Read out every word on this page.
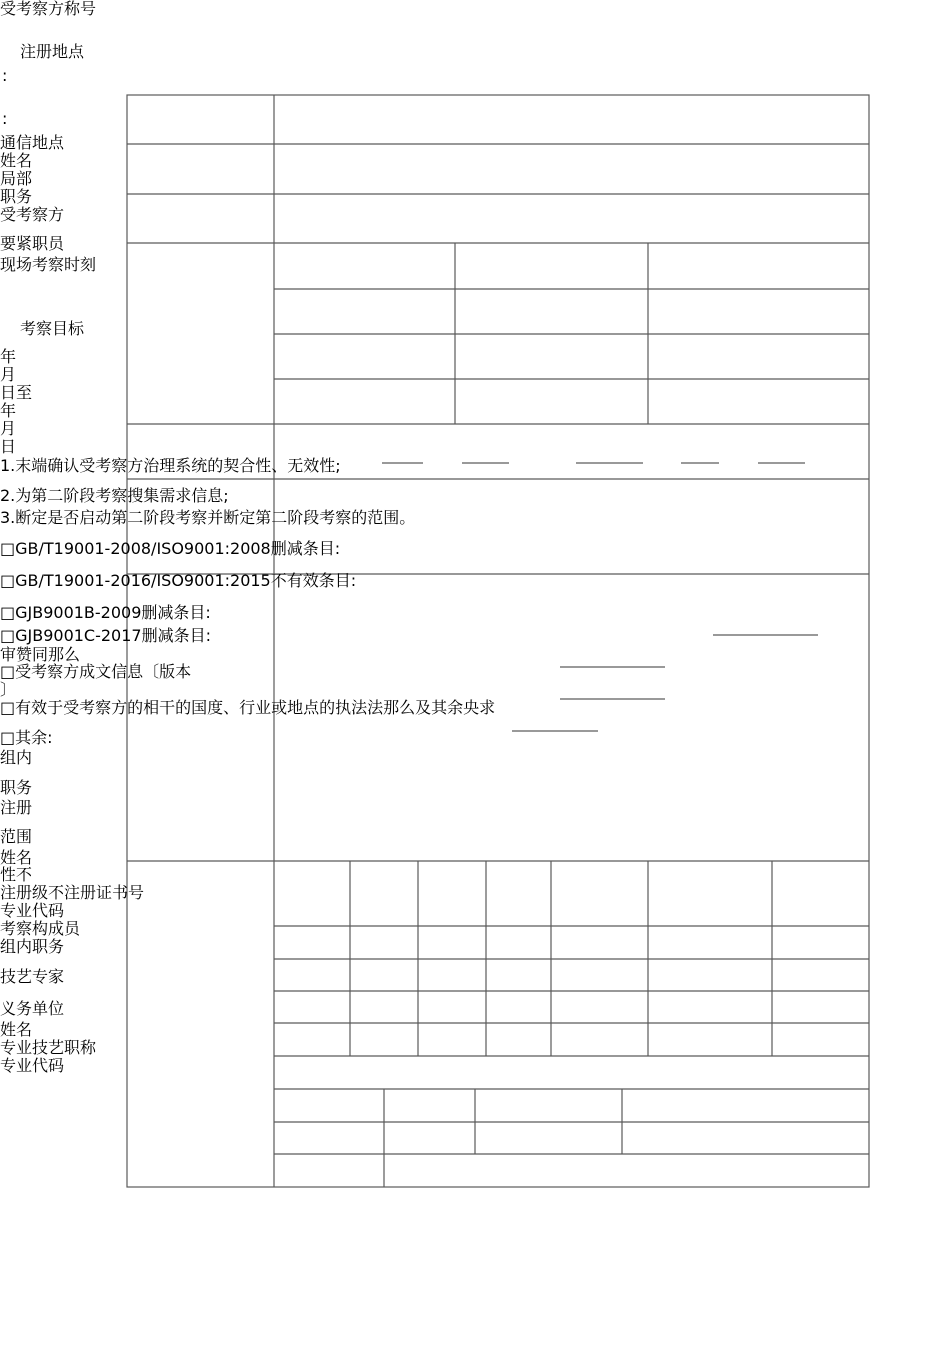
受考察方称号
注册地点
:
:
通信地点
姓名
局部
职务
受考察方
要紧职员
现场考察时刻
考察目标
年
月
日至
年
月
日
1.末端确认受考察方治理系统的契合性、无效性;
2.为第二阶段考察搜集需求信息;
3.断定是否启动第二阶段考察并断定第二阶段考察的范围。
□GB/T19001-2008/ISO9001:2008删减条目:
□GB/T19001-2016/ISO9001:2015不有效条目:
□GJB9001B-2009删减条目:
□GJB9001C-2017删减条目:
审赞同那么
□受考察方成文信息〔版本
〕
□有效于受考察方的相干的国度、行业或地点的执法法那么及其余央求
□其余:
组内
职务
注册
范围
姓名
性不
注册级不注册证书号
专业代码
考察构成员
组内职务
技艺专家
义务单位
姓名
专业技艺职称
专业代码
